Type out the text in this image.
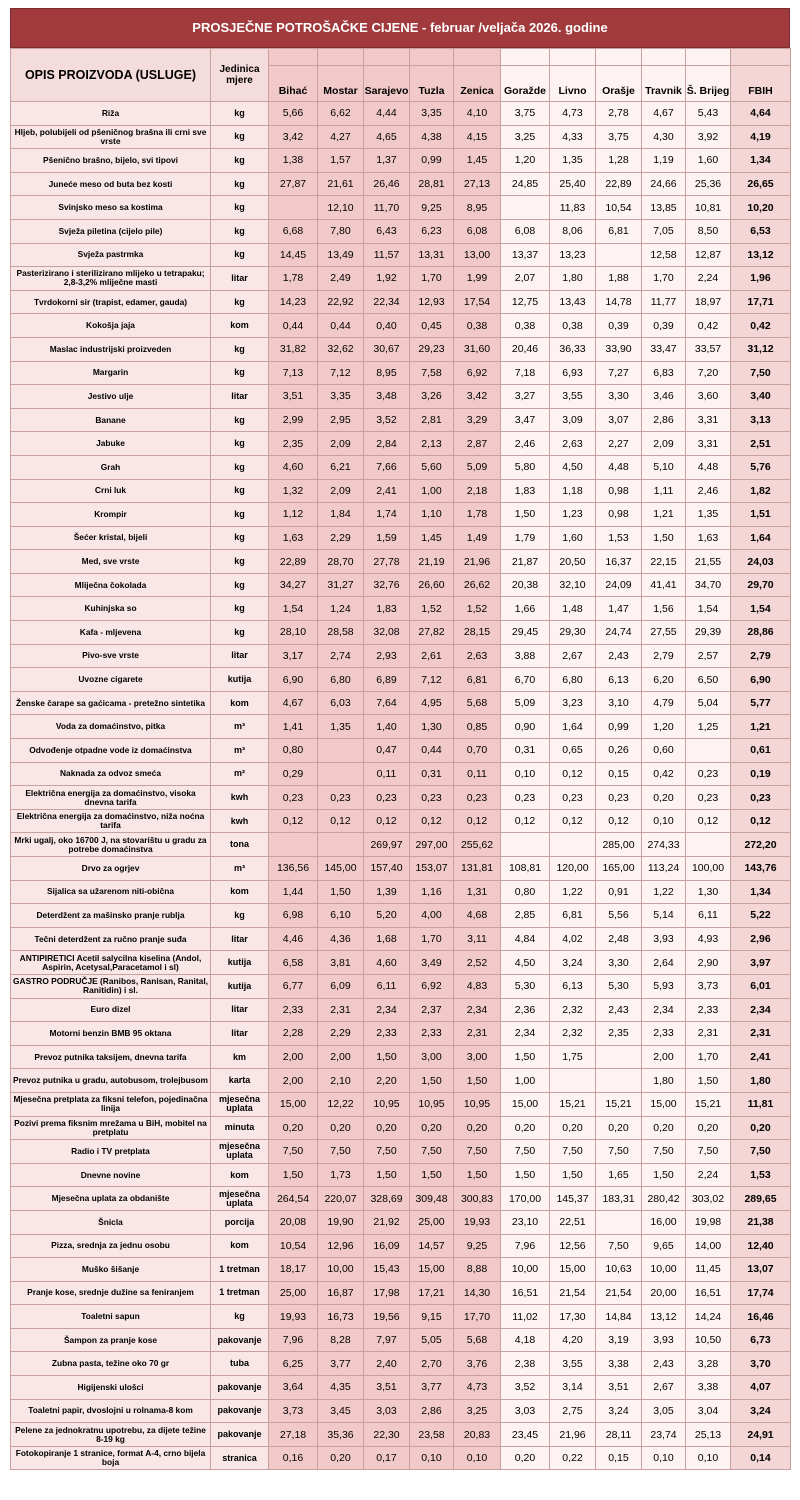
PROSJEČNE POTROŠAČKE CIJENE - februar /veljača 2026. godine
OPIS PROIZVODA (USLUGE)	Jedinica mjere											
		Bihać	Mostar	Sarajevo	Tuzla	Zenica	Goražde	Livno	Orašje	Travnik	Š. Brijeg	FBIH
Riža	kg	5,66	6,62	4,44	3,35	4,10	3,75	4,73	2,78	4,67	5,43	4,64
Hljeb, polubijeli od pšeničnog brašna ili crni sve vrste	kg	3,42	4,27	4,65	4,38	4,15	3,25	4,33	3,75	4,30	3,92	4,19
Pšenično brašno, bijelo, svi tipovi	kg	1,38	1,57	1,37	0,99	1,45	1,20	1,35	1,28	1,19	1,60	1,34
Juneće meso od buta bez kosti	kg	27,87	21,61	26,46	28,81	27,13	24,85	25,40	22,89	24,66	25,36	26,65
Svinjsko meso sa kostima	kg		12,10	11,70	9,25	8,95		11,83	10,54	13,85	10,81	10,20
Svježa piletina (cijelo pile)	kg	6,68	7,80	6,43	6,23	6,08	6,08	8,06	6,81	7,05	8,50	6,53
Svježa pastrmka	kg	14,45	13,49	11,57	13,31	13,00	13,37	13,23		12,58	12,87	13,12
Pasterizirano i sterilizirano mlijeko u tetrapaku; 2,8-3,2% mliječne masti	litar	1,78	2,49	1,92	1,70	1,99	2,07	1,80	1,88	1,70	2,24	1,96
Tvrdokorni sir (trapist, edamer, gauda)	kg	14,23	22,92	22,34	12,93	17,54	12,75	13,43	14,78	11,77	18,97	17,71
Kokošja jaja	kom	0,44	0,44	0,40	0,45	0,38	0,38	0,38	0,39	0,39	0,42	0,42
Maslac industrijski proizveden	kg	31,82	32,62	30,67	29,23	31,60	20,46	36,33	33,90	33,47	33,57	31,12
Margarin	kg	7,13	7,12	8,95	7,58	6,92	7,18	6,93	7,27	6,83	7,20	7,50
Jestivo ulje	litar	3,51	3,35	3,48	3,26	3,42	3,27	3,55	3,30	3,46	3,60	3,40
Banane	kg	2,99	2,95	3,52	2,81	3,29	3,47	3,09	3,07	2,86	3,31	3,13
Jabuke	kg	2,35	2,09	2,84	2,13	2,87	2,46	2,63	2,27	2,09	3,31	2,51
Grah	kg	4,60	6,21	7,66	5,60	5,09	5,80	4,50	4,48	5,10	4,48	5,76
Crni luk	kg	1,32	2,09	2,41	1,00	2,18	1,83	1,18	0,98	1,11	2,46	1,82
Krompir	kg	1,12	1,84	1,74	1,10	1,78	1,50	1,23	0,98	1,21	1,35	1,51
Šećer kristal, bijeli	kg	1,63	2,29	1,59	1,45	1,49	1,79	1,60	1,53	1,50	1,63	1,64
Med, sve vrste	kg	22,89	28,70	27,78	21,19	21,96	21,87	20,50	16,37	22,15	21,55	24,03
Mliječna čokolada	kg	34,27	31,27	32,76	26,60	26,62	20,38	32,10	24,09	41,41	34,70	29,70
Kuhinjska so	kg	1,54	1,24	1,83	1,52	1,52	1,66	1,48	1,47	1,56	1,54	1,54
Kafa - mljevena	kg	28,10	28,58	32,08	27,82	28,15	29,45	29,30	24,74	27,55	29,39	28,86
Pivo-sve vrste	litar	3,17	2,74	2,93	2,61	2,63	3,88	2,67	2,43	2,79	2,57	2,79
Uvozne cigarete	kutija	6,90	6,80	6,89	7,12	6,81	6,70	6,80	6,13	6,20	6,50	6,90
Ženske čarape sa gaćicama - pretežno sintetika	kom	4,67	6,03	7,64	4,95	5,68	5,09	3,23	3,10	4,79	5,04	5,77
Voda za domaćinstvo, pitka	m³	1,41	1,35	1,40	1,30	0,85	0,90	1,64	0,99	1,20	1,25	1,21
Odvođenje otpadne vode iz domaćinstva	m³	0,80		0,47	0,44	0,70	0,31	0,65	0,26	0,60		0,61
Naknada za odvoz smeća	m²	0,29		0,11	0,31	0,11	0,10	0,12	0,15	0,42	0,23	0,19
Električna energija za domaćinstvo, visoka dnevna tarifa	kwh	0,23	0,23	0,23	0,23	0,23	0,23	0,23	0,23	0,20	0,23	0,23
Električna energija za domaćinstvo, niža noćna tarifa	kwh	0,12	0,12	0,12	0,12	0,12	0,12	0,12	0,12	0,10	0,12	0,12
Mrki ugalj, oko 16700 J, na stovarištu u gradu za potrebe domaćinstva	tona			269,97	297,00	255,62			285,00	274,33		272,20
Drvo za ogrjev	m³	136,56	145,00	157,40	153,07	131,81	108,81	120,00	165,00	113,24	100,00	143,76
Sijalica sa užarenom niti-obična	kom	1,44	1,50	1,39	1,16	1,31	0,80	1,22	0,91	1,22	1,30	1,34
Deterdžent za mašinsko pranje rublja	kg	6,98	6,10	5,20	4,00	4,68	2,85	6,81	5,56	5,14	6,11	5,22
Tečni deterdžent za ručno pranje suđa	litar	4,46	4,36	1,68	1,70	3,11	4,84	4,02	2,48	3,93	4,93	2,96
ANTIPIRETICI Acetil salycilna kiselina (Andol, Aspirin, Acetysal,Paracetamol i sl)	kutija	6,58	3,81	4,60	3,49	2,52	4,50	3,24	3,30	2,64	2,90	3,97
GASTRO PODRUČJE (Ranibos, Ranisan, Ranital, Ranitidin) i sl.	kutija	6,77	6,09	6,11	6,92	4,83	5,30	6,13	5,30	5,93	3,73	6,01
Euro dizel	litar	2,33	2,31	2,34	2,37	2,34	2,36	2,32	2,43	2,34	2,33	2,34
Motorni benzin BMB 95 oktana	litar	2,28	2,29	2,33	2,33	2,31	2,34	2,32	2,35	2,33	2,31	2,31
Prevoz putnika taksijem, dnevna tarifa	km	2,00	2,00	1,50	3,00	3,00	1,50	1,75		2,00	1,70	2,41
Prevoz putnika u gradu, autobusom, trolejbusom	karta	2,00	2,10	2,20	1,50	1,50	1,00			1,80	1,50	1,80
Mjesečna pretplata za fiksni telefon, pojedinačna linija	mjesečna uplata	15,00	12,22	10,95	10,95	10,95	15,00	15,21	15,21	15,00	15,21	11,81
Pozivi prema fiksnim mrežama u BiH, mobitel na pretplatu	minuta	0,20	0,20	0,20	0,20	0,20	0,20	0,20	0,20	0,20	0,20	0,20
Radio i TV pretplata	mjesečna uplata	7,50	7,50	7,50	7,50	7,50	7,50	7,50	7,50	7,50	7,50	7,50
Dnevne novine	kom	1,50	1,73	1,50	1,50	1,50	1,50	1,50	1,65	1,50	2,24	1,53
Mjesečna uplata za obdanište	mjesečna uplata	264,54	220,07	328,69	309,48	300,83	170,00	145,37	183,31	280,42	303,02	289,65
Šnicla	porcija	20,08	19,90	21,92	25,00	19,93	23,10	22,51		16,00	19,98	21,38
Pizza, srednja za jednu osobu	kom	10,54	12,96	16,09	14,57	9,25	7,96	12,56	7,50	9,65	14,00	12,40
Muško šišanje	1 tretman	18,17	10,00	15,43	15,00	8,88	10,00	15,00	10,63	10,00	11,45	13,07
Pranje kose, srednje dužine sa feniranjem	1 tretman	25,00	16,87	17,98	17,21	14,30	16,51	21,54	21,54	20,00	16,51	17,74
Toaletni sapun	kg	19,93	16,73	19,56	9,15	17,70	11,02	17,30	14,84	13,12	14,24	16,46
Šampon za pranje kose	pakovanje	7,96	8,28	7,97	5,05	5,68	4,18	4,20	3,19	3,93	10,50	6,73
Zubna pasta, težine oko 70 gr	tuba	6,25	3,77	2,40	2,70	3,76	2,38	3,55	3,38	2,43	3,28	3,70
Higijenski ulošci	pakovanje	3,64	4,35	3,51	3,77	4,73	3,52	3,14	3,51	2,67	3,38	4,07
Toaletni papir, dvoslojni u rolnama-8 kom	pakovanje	3,73	3,45	3,03	2,86	3,25	3,03	2,75	3,24	3,05	3,04	3,24
Pelene za jednokratnu upotrebu, za dijete težine 8-19 kg	pakovanje	27,18	35,36	22,30	23,58	20,83	23,45	21,96	28,11	23,74	25,13	24,91
Fotokopiranje 1 stranice, format A-4, crno bijela boja	stranica	0,16	0,20	0,17	0,10	0,10	0,20	0,22	0,15	0,10	0,10	0,14
